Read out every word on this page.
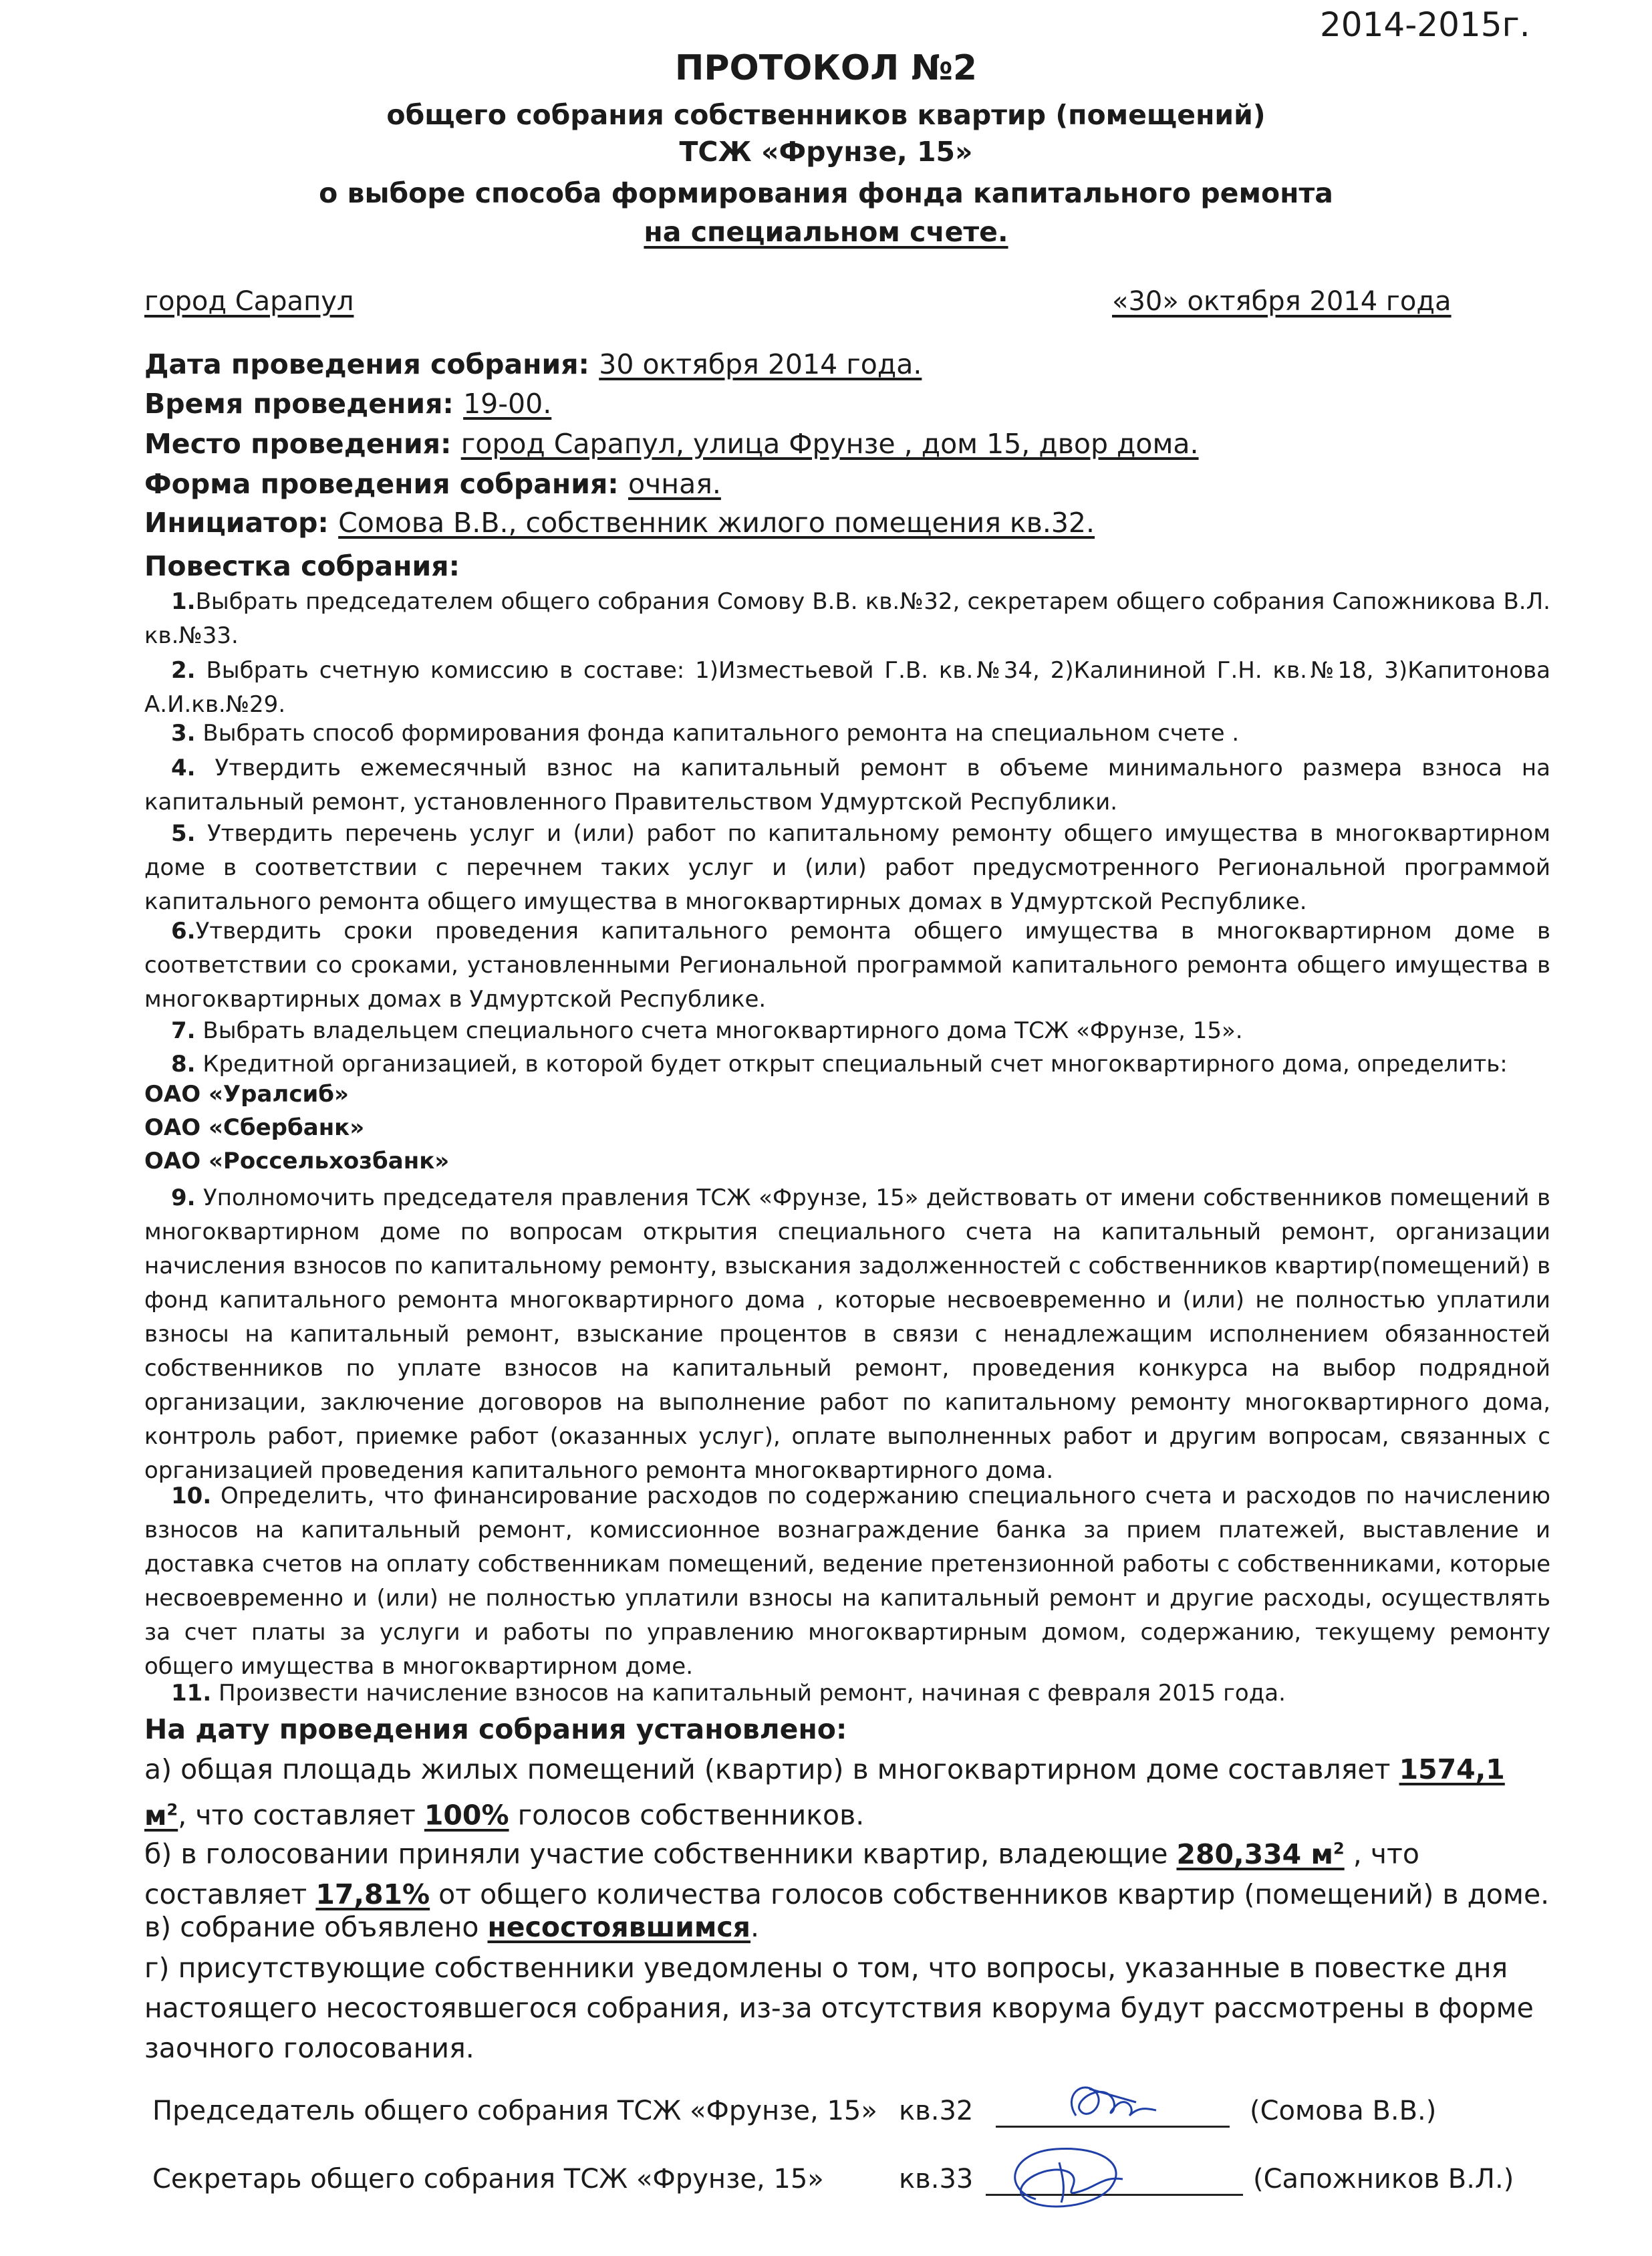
2014-2015г.
ПРОТОКОЛ №2
общего собрания собственников квартир (помещений)
ТСЖ «Фрунзе, 15»
о выборе способа формирования фонда капитального ремонта
на специальном счете.
город Сарапул	«30» октября 2014 года
Дата проведения собрания: 30 октября 2014 года.
Время проведения: 19-00.
Место проведения: город Сарапул, улица Фрунзе , дом 15, двор дома.
Форма проведения собрания: очная.
Инициатор: Сомова В.В., собственник жилого помещения кв.32.
Повестка собрания:
1.Выбрать председателем общего собрания Сомову В.В. кв.№32, секретарем общего собрания Сапожникова В.Л. кв.№33.
2. Выбрать счетную комиссию в составе: 1)Изместьевой Г.В. кв.№34, 2)Калининой Г.Н. кв.№18, 3)Капитонова А.И.кв.№29.
3. Выбрать способ формирования фонда капитального ремонта на специальном счете .
4. Утвердить ежемесячный взнос на капитальный ремонт в объеме минимального размера взноса на капитальный ремонт, установленного Правительством Удмуртской Республики.
5. Утвердить перечень услуг и (или) работ по капитальному ремонту общего имущества в многоквартирном доме в соответствии с перечнем таких услуг и (или) работ предусмотренного Региональной программой капитального ремонта общего имущества в многоквартирных домах в Удмуртской Республике.
6.Утвердить сроки проведения капитального ремонта общего имущества в многоквартирном доме в соответствии со сроками, установленными Региональной программой капитального ремонта общего имущества в многоквартирных домах в Удмуртской Республике.
7. Выбрать владельцем специального счета многоквартирного дома ТСЖ «Фрунзе, 15».
8. Кредитной организацией, в которой будет открыт специальный счет многоквартирного дома, определить:
ОАО «Уралсиб»
ОАО «Сбербанк»
ОАО «Россельхозбанк»
9. Уполномочить председателя правления ТСЖ «Фрунзе, 15» действовать от имени собственников помещений в многоквартирном доме по вопросам открытия специального счета на капитальный ремонт, организации начисления взносов по капитальному ремонту, взыскания задолженностей с собственников квартир(помещений) в фонд капитального ремонта многоквартирного дома , которые несвоевременно и (или) не полностью уплатили взносы на капитальный ремонт, взыскание процентов в связи с ненадлежащим исполнением обязанностей собственников по уплате взносов на капитальный ремонт, проведения конкурса на выбор подрядной организации, заключение договоров на выполнение работ по капитальному ремонту многоквартирного дома, контроль работ, приемке работ (оказанных услуг), оплате выполненных работ и другим вопросам, связанных с организацией проведения капитального ремонта многоквартирного дома.
10. Определить, что финансирование расходов по содержанию специального счета и расходов по начислению взносов на капитальный ремонт, комиссионное вознаграждение банка за прием платежей, выставление и доставка счетов на оплату собственникам помещений, ведение претензионной работы с собственниками, которые несвоевременно и (или) не полностью уплатили взносы на капитальный ремонт и другие расходы, осуществлять за счет платы за услуги и работы по управлению многоквартирным домом, содержанию, текущему ремонту общего имущества в многоквартирном доме.
11. Произвести начисление взносов на капитальный ремонт, начиная с февраля 2015 года.
На дату проведения собрания установлено:
а) общая площадь жилых помещений (квартир) в многоквартирном доме составляет 1574,1 $м^2$, что составляет 100% голосов собственников.
б) в голосовании приняли участие собственники квартир, владеющие 280,334 $м^2$ , что составляет 17,81% от общего количества голосов собственников квартир (помещений) в доме.
в) собрание объявлено несостоявшимся.
г) присутствующие собственники уведомлены о том, что вопросы, указанные в повестке дня настоящего несостоявшегося собрания, из-за отсутствия кворума будут рассмотрены в форме заочного голосования.
Председатель общего собрания ТСЖ «Фрунзе, 15» кв.32	(Сомова В.В.)
Секретарь общего собрания ТСЖ «Фрунзе, 15»	кв.33	(Сапожников В.Л.)
